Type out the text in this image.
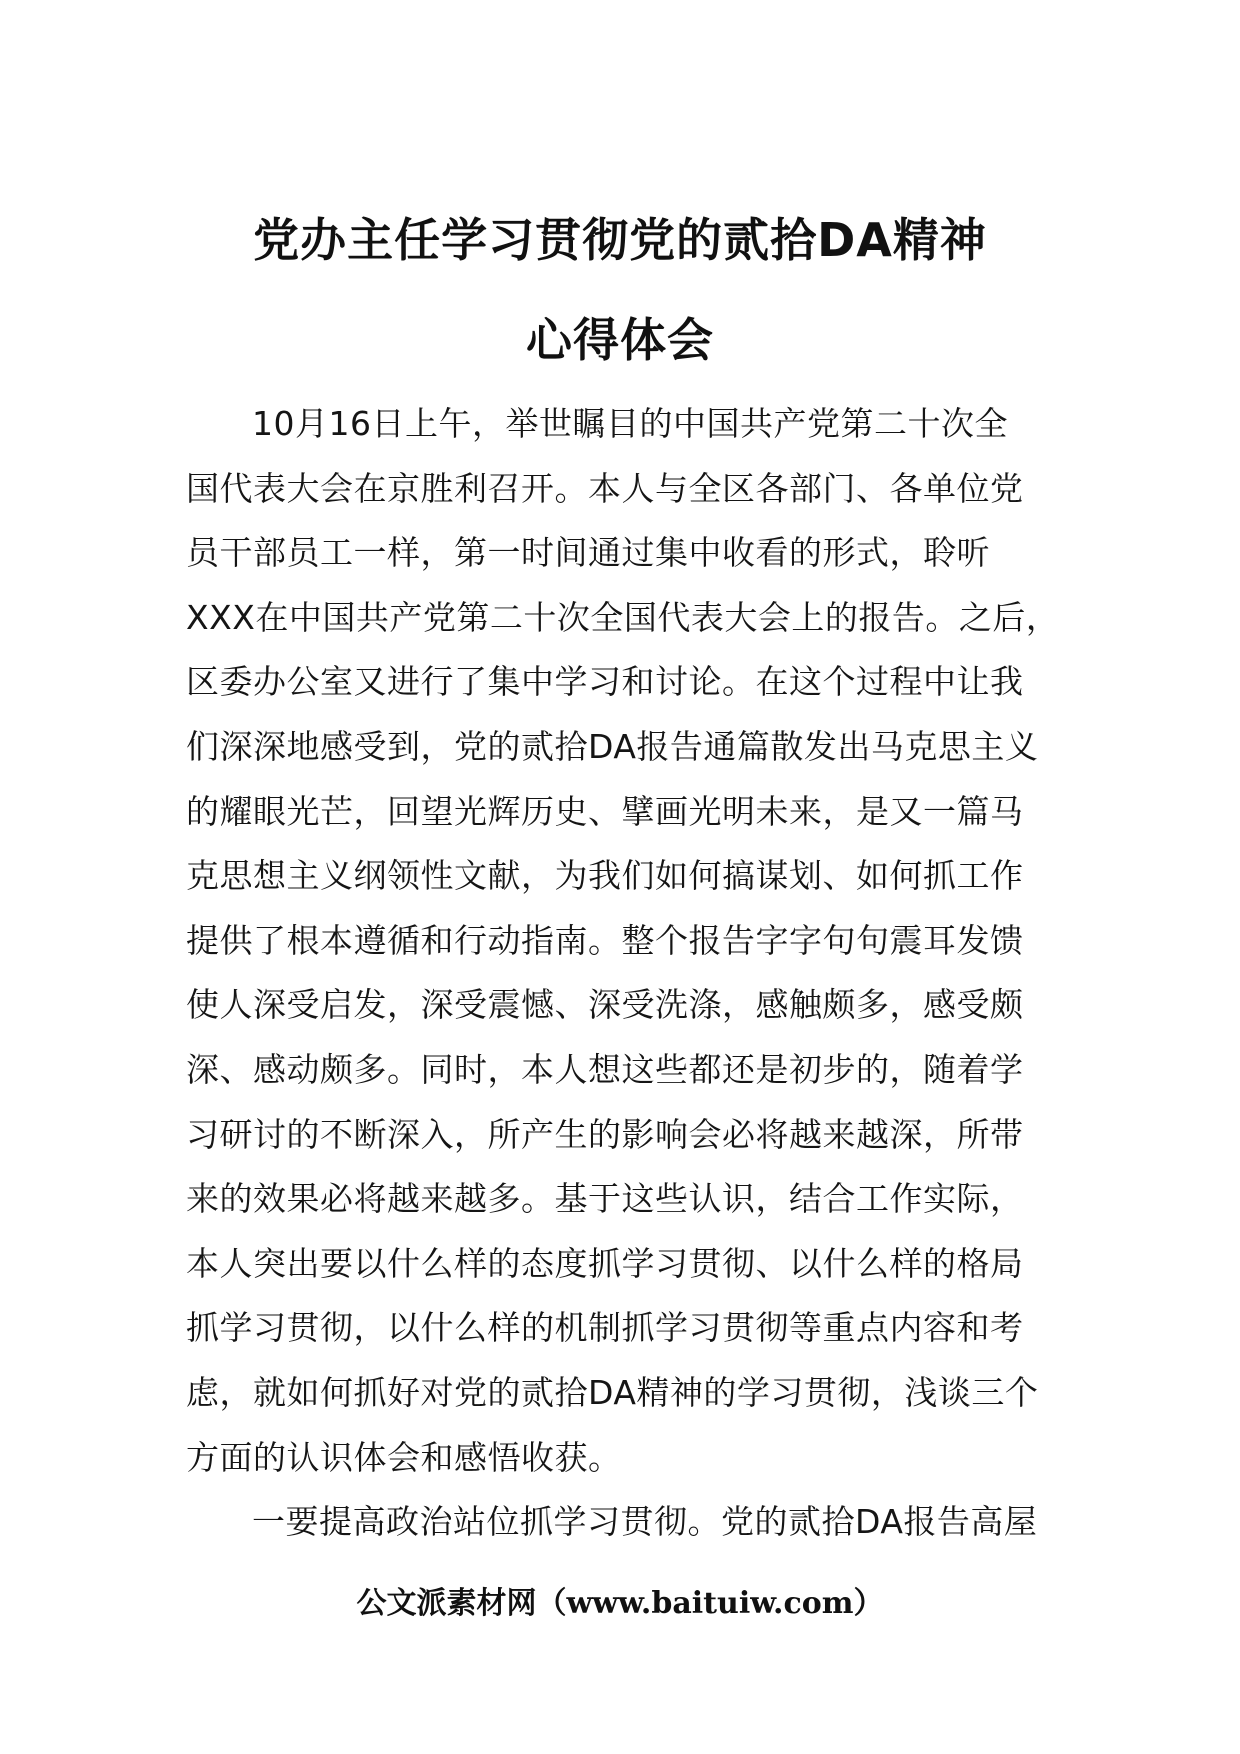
党办主任学习贯彻党的贰拾DA精神
心得体会
10月16日上午，举世瞩目的中国共产党第二十次全
国代表大会在京胜利召开。本人与全区各部门、各单位党
员干部员工一样，第一时间通过集中收看的形式，聆听
XXX在中国共产党第二十次全国代表大会上的报告。之后，
区委办公室又进行了集中学习和讨论。在这个过程中让我
们深深地感受到，党的贰拾DA报告通篇散发出马克思主义
的耀眼光芒，回望光辉历史、擘画光明未来，是又一篇马
克思想主义纲领性文献，为我们如何搞谋划、如何抓工作
提供了根本遵循和行动指南。整个报告字字句句震耳发馈
使人深受启发，深受震憾、深受洗涤，感触颇多，感受颇
深、感动颇多。同时，本人想这些都还是初步的，随着学
习研讨的不断深入，所产生的影响会必将越来越深，所带
来的效果必将越来越多。基于这些认识，结合工作实际，
本人突出要以什么样的态度抓学习贯彻、以什么样的格局
抓学习贯彻，以什么样的机制抓学习贯彻等重点内容和考
虑，就如何抓好对党的贰拾DA精神的学习贯彻，浅谈三个
方面的认识体会和感悟收获。
一要提高政治站位抓学习贯彻。党的贰拾DA报告高屋
公文派素材网（www.baituiw.com）
